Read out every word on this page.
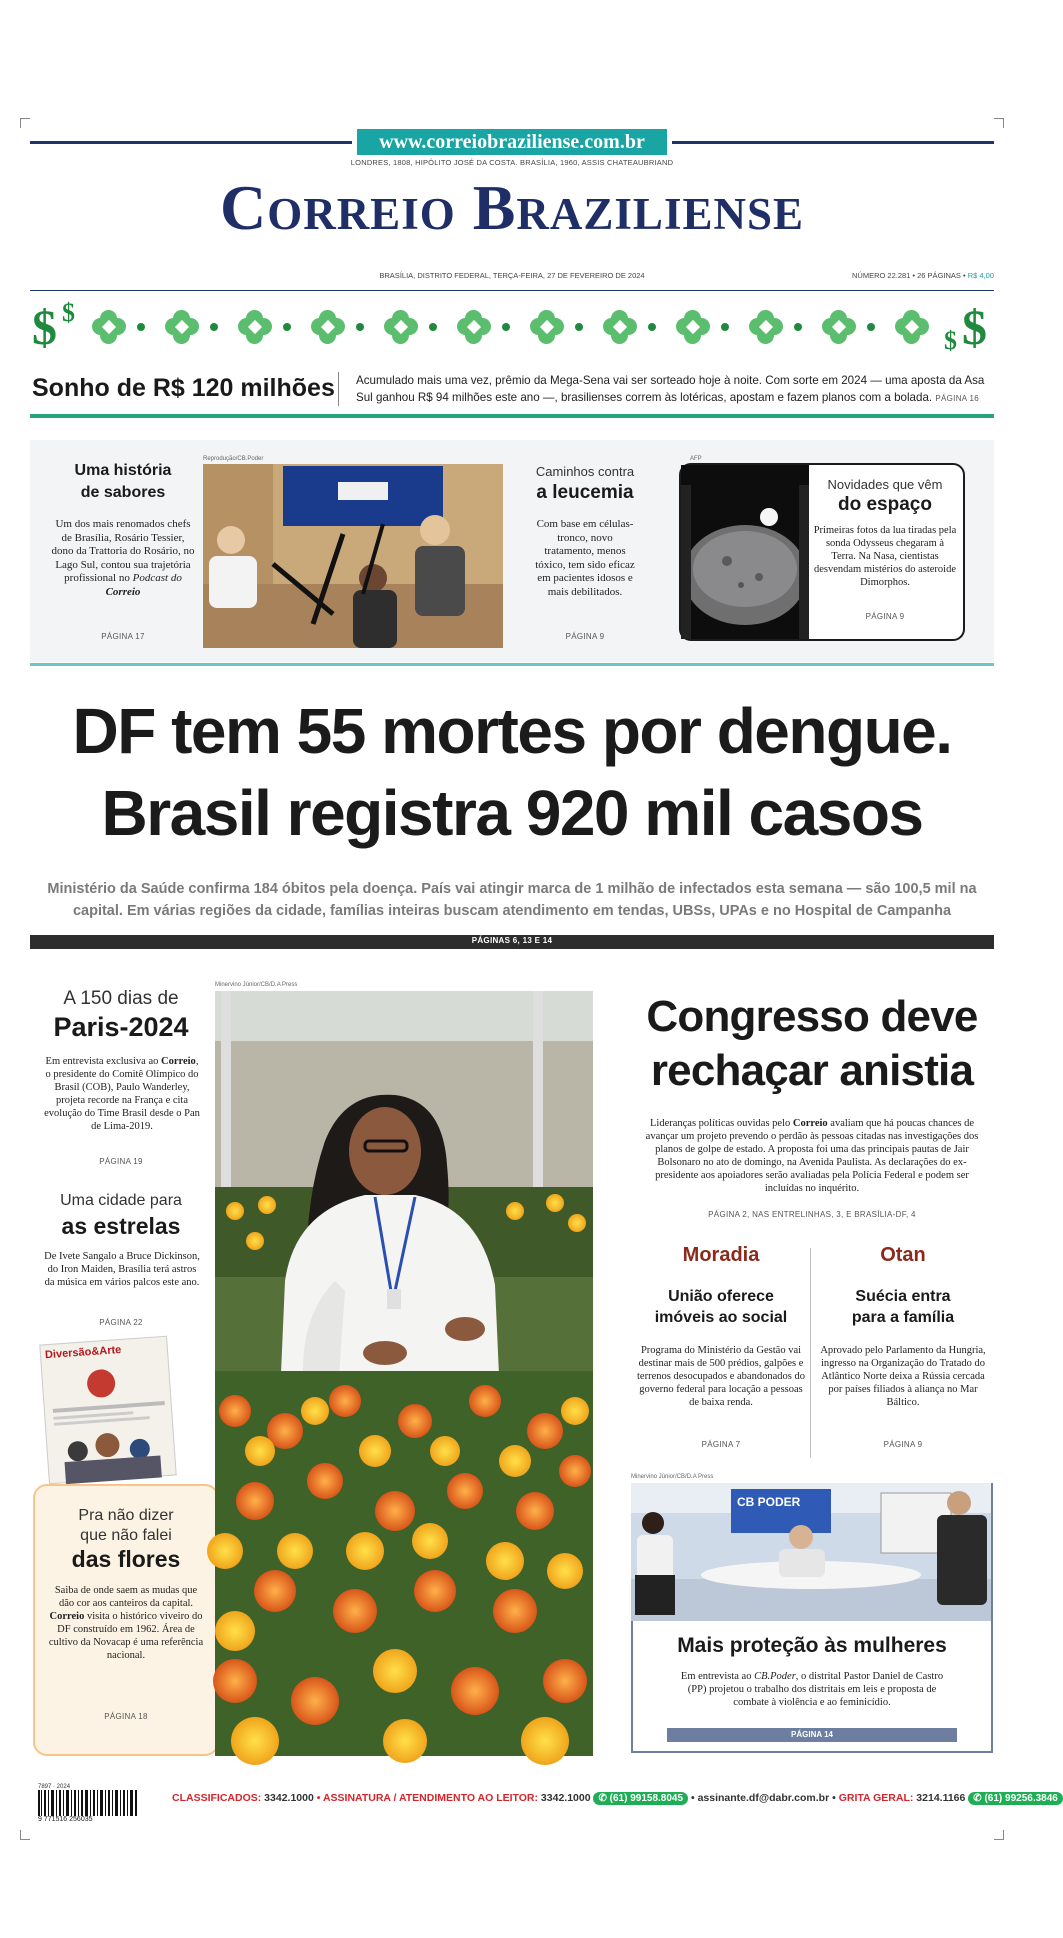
www.correiobraziliense.com.br
LONDRES, 1808, HIPÓLITO JOSÉ DA COSTA. BRASÍLIA, 1960, ASSIS CHATEAUBRIAND
Correio Braziliense
BRASÍLIA, DISTRITO FEDERAL, TERÇA-FEIRA, 27 DE FEVEREIRO DE 2024	NÚMERO 22.281 • 26 PÁGINAS • R$ 4,00
$ $
$ $
Sonho de R$ 120 milhões Acumulado mais uma vez, prêmio da Mega-Sena vai ser sorteado hoje à noite. Com sorte em 2024 — uma aposta da Asa Sul ganhou R$ 94 milhões este ano —, brasilienses correm às lotéricas, apostam e fazem planos com a bolada. PÁGINA 16
Uma história
de sabores
Um dos mais renomados chefs de Brasília, Rosário Tessier, dono da Trattoria do Rosário, no Lago Sul, contou sua trajetória profissional no Podcast do Correio
PÁGINA 17
Reprodução/CB.Poder
Caminhos contra
a leucemia
Com base em células-tronco, novo tratamento, menos tóxico, tem sido eficaz em pacientes idosos e mais debilitados.
PÁGINA 9
AFP
Novidades que vêm
do espaço
Primeiras fotos da lua tiradas pela sonda Odysseus chegaram à Terra. Na Nasa, cientistas desvendam mistérios do asteroide Dimorphos.
PÁGINA 9
DF tem 55 mortes por dengue.
Brasil registra 920 mil casos
Ministério da Saúde confirma 184 óbitos pela doença. País vai atingir marca de 1 milhão de infectados esta semana — são 100,5 mil na capital. Em várias regiões da cidade, famílias inteiras buscam atendimento em tendas, UBSs, UPAs e no Hospital de Campanha
PÁGINAS 6, 13 E 14
A 150 dias de
Paris-2024
Em entrevista exclusiva ao Correio, o presidente do Comitê Olímpico do Brasil (COB), Paulo Wanderley, projeta recorde na França e cita evolução do Time Brasil desde o Pan de Lima-2019.
PÁGINA 19
Uma cidade para
as estrelas
De Ivete Sangalo a Bruce Dickinson, do Iron Maiden, Brasília terá astros da música em vários palcos este ano.
PÁGINA 22
Diversão&Arte
Pra não dizer
que não falei
das flores
Saiba de onde saem as mudas que dão cor aos canteiros da capital. Correio visita o histórico viveiro do DF construído em 1962. Área de cultivo da Novacap é uma referência nacional.
PÁGINA 18
Minervino Júnior/CB/D.A Press
Congresso deve
rechaçar anistia
Lideranças políticas ouvidas pelo Correio avaliam que há poucas chances de avançar um projeto prevendo o perdão às pessoas citadas nas investigações dos planos de golpe de estado. A proposta foi uma das principais pautas de Jair Bolsonaro no ato de domingo, na Avenida Paulista. As declarações do ex-presidente aos apoiadores serão avaliadas pela Polícia Federal e podem ser incluídas no inquérito.
PÁGINA 2, NAS ENTRELINHAS, 3, E BRASÍLIA-DF, 4
Moradia
União oferece
imóveis ao social
Programa do Ministério da Gestão vai destinar mais de 500 prédios, galpões e terrenos desocupados e abandonados do governo federal para locação a pessoas de baixa renda.
PÁGINA 7
Otan
Suécia entra
para a família
Aprovado pelo Parlamento da Hungria, ingresso na Organização do Tratado do Atlântico Norte deixa a Rússia cercada por países filiados à aliança no Mar Báltico.
PÁGINA 9
Minervino Júnior/CB/D.A Press
CB PODER
Mais proteção às mulheres
Em entrevista ao CB.Poder, o distrital Pastor Daniel de Castro (PP) projetou o trabalho dos distritais em leis e proposta de combate à violência e ao feminicídio.
PÁGINA 14
7897 · 2024
9 771516 256035
CLASSIFICADOS: 3342.1000 • ASSINATURA / ATENDIMENTO AO LEITOR: 3342.1000 ✆ (61) 99158.8045 • assinante.df@dabr.com.br • GRITA GERAL: 3214.1166 ✆ (61) 99256.3846
